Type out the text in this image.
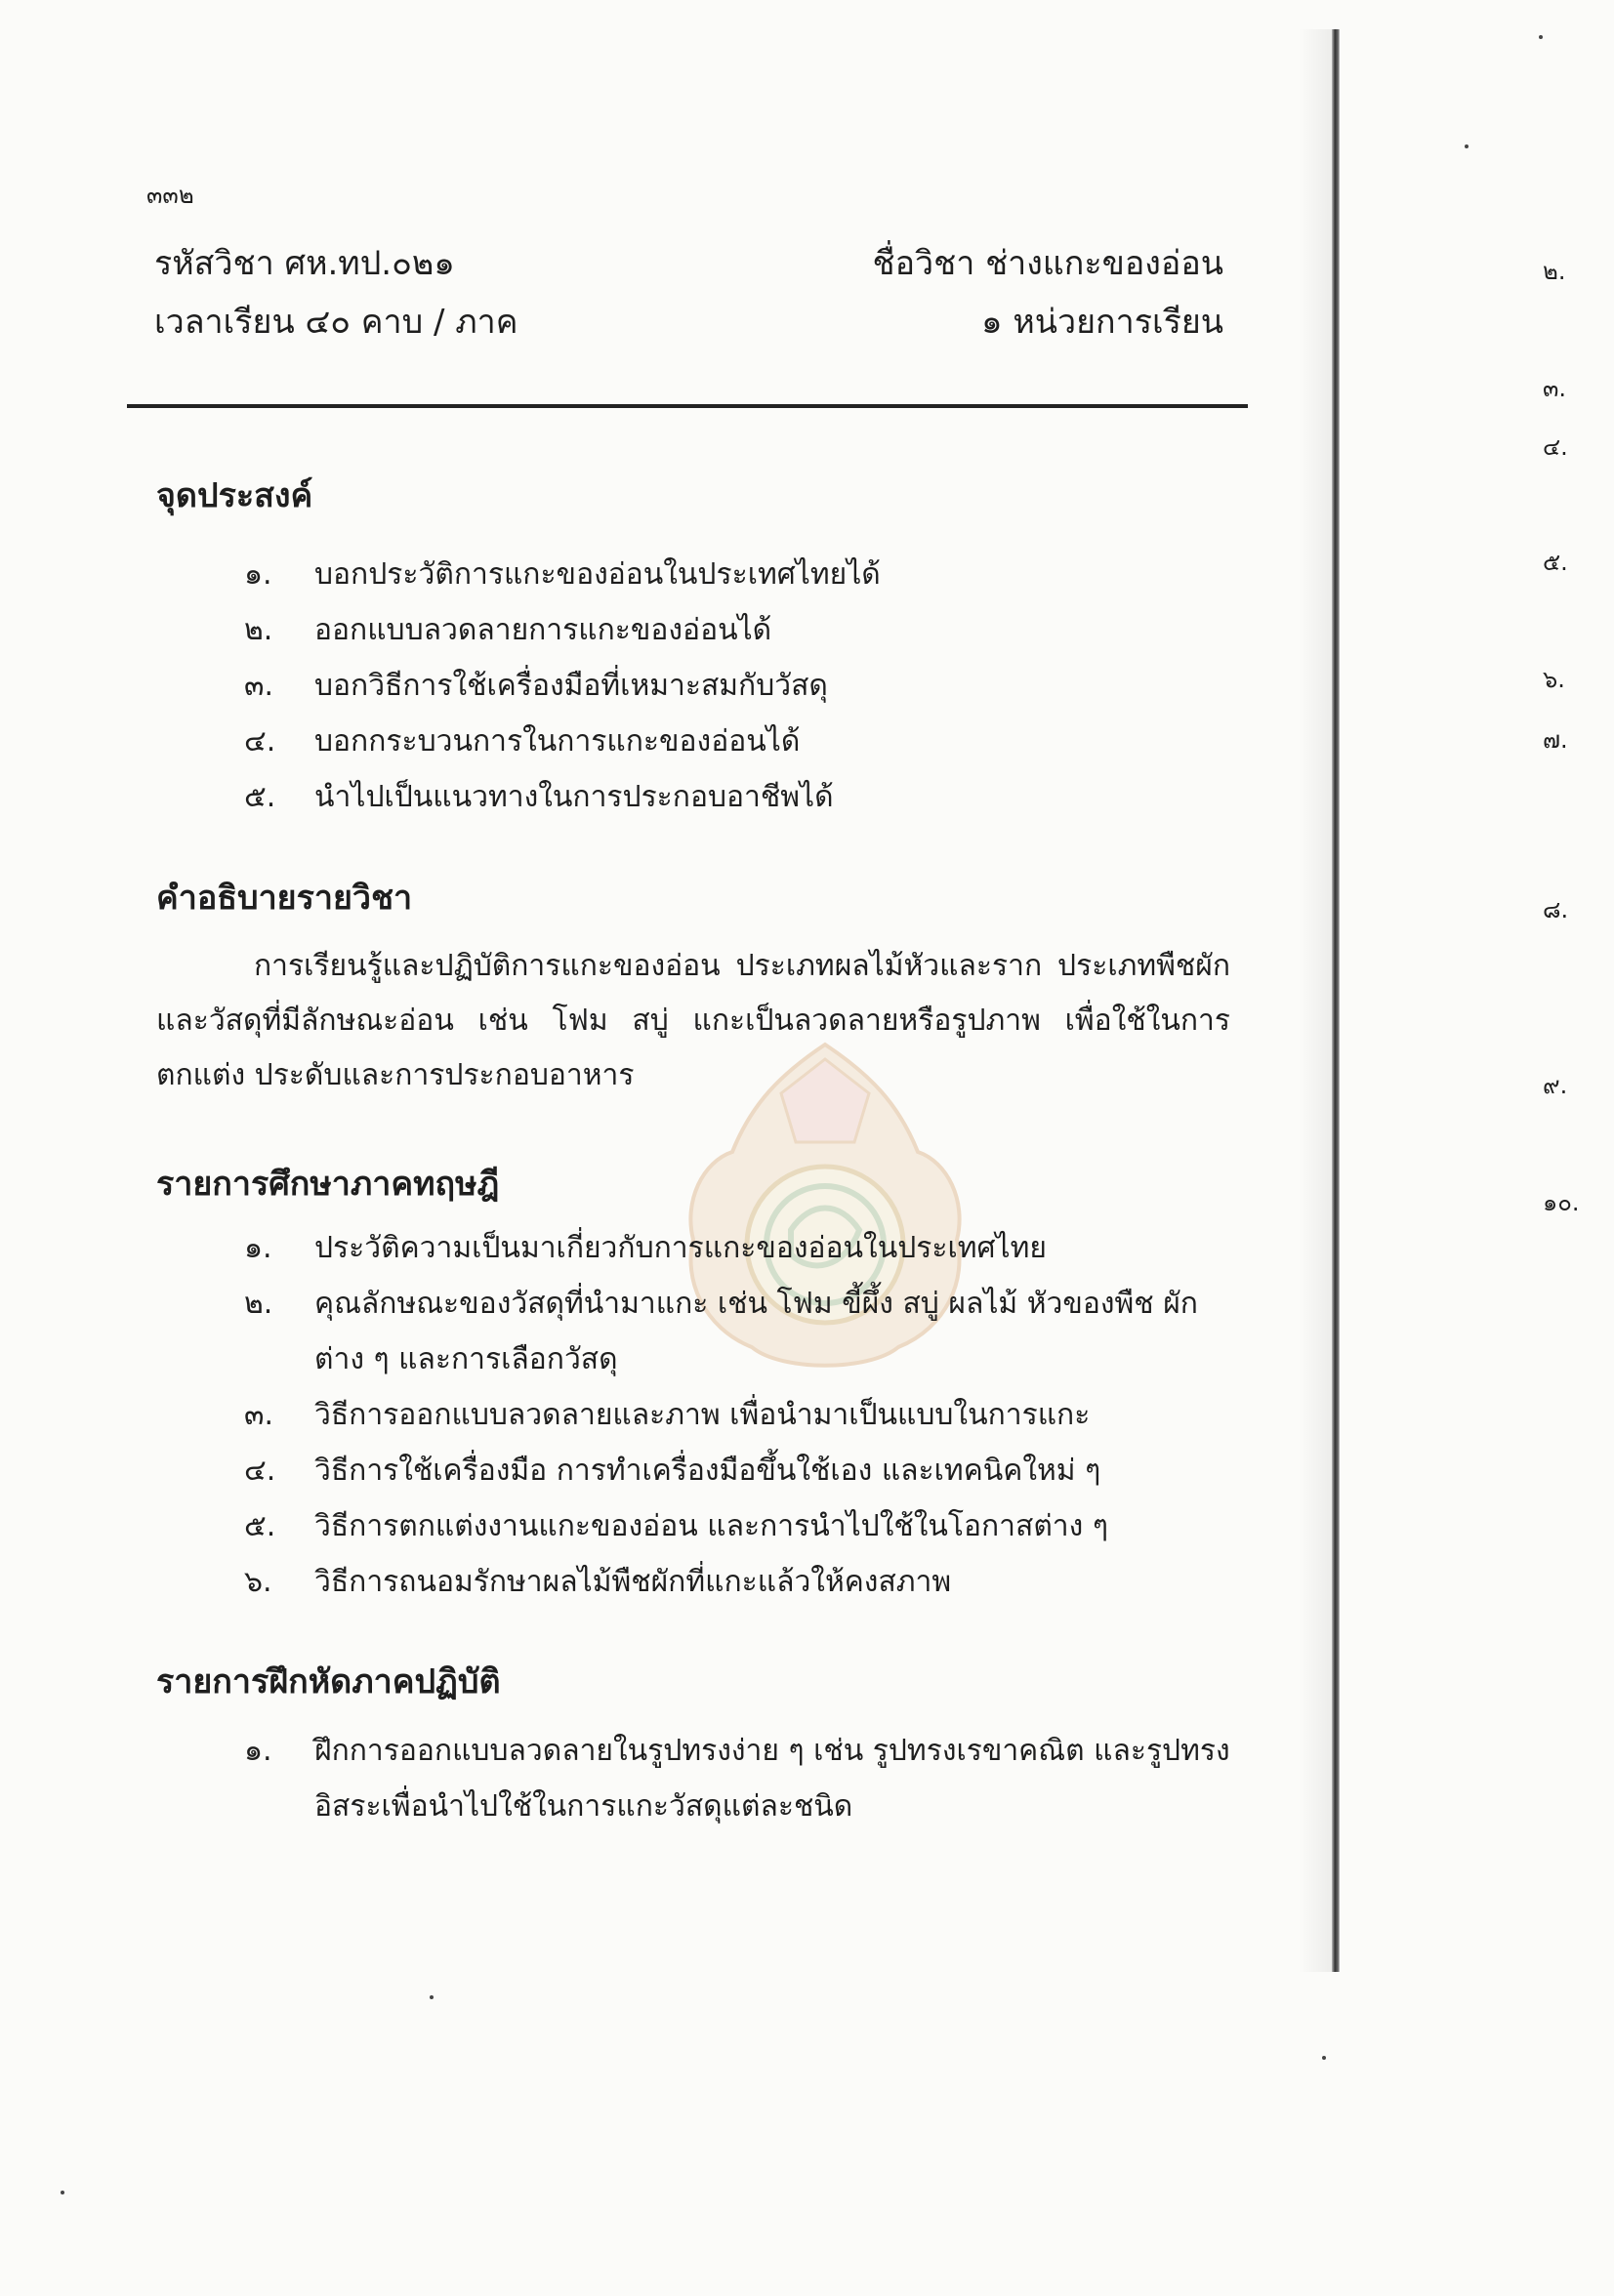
๓๓๒
รหัสวิชา ศห.ทป.๐๒๑
เวลาเรียน ๔๐ คาบ / ภาค
ชื่อวิชา ช่างแกะของอ่อน
๑ หน่วยการเรียน
จุดประสงค์
๑.	บอกประวัติการแกะของอ่อนในประเทศไทยได้
๒.	ออกแบบลวดลายการแกะของอ่อนได้
๓.	บอกวิธีการใช้เครื่องมือที่เหมาะสมกับวัสดุ
๔.	บอกกระบวนการในการแกะของอ่อนได้
๕.	นำไปเป็นแนวทางในการประกอบอาชีพได้
คำอธิบายรายวิชา

การเรียนรู้และปฏิบัติการแกะของอ่อน ประเภทผลไม้หัวและราก ประเภทพืชผัก และวัสดุที่มีลักษณะอ่อน เช่น โฟม สบู่ แกะเป็นลวดลายหรือรูปภาพ เพื่อใช้ในการ ตกแต่ง ประดับและการประกอบอาหาร

รายการศึกษาภาคทฤษฎี
๑.	ประวัติความเป็นมาเกี่ยวกับการแกะของอ่อนในประเทศไทย
๒.	คุณลักษณะของวัสดุที่นำมาแกะ เช่น โฟม ขี้ผึ้ง สบู่ ผลไม้ หัวของพืช ผักต่าง ๆ และการเลือกวัสดุ
๓.	วิธีการออกแบบลวดลายและภาพ เพื่อนำมาเป็นแบบในการแกะ
๔.	วิธีการใช้เครื่องมือ การทำเครื่องมือขึ้นใช้เอง และเทคนิคใหม่ ๆ
๕.	วิธีการตกแต่งงานแกะของอ่อน และการนำไปใช้ในโอกาสต่าง ๆ
๖.	วิธีการถนอมรักษาผลไม้พืชผักที่แกะแล้วให้คงสภาพ
รายการฝึกหัดภาคปฏิบัติ
๑.	ฝึกการออกแบบลวดลายในรูปทรงง่าย ๆ เช่น รูปทรงเรขาคณิต และรูปทรง อิสระเพื่อนำไปใช้ในการแกะวัสดุแต่ละชนิด
๒.
๓.
๔.
๕.
๖.
๗.
๘.
๙.
๑๐.
